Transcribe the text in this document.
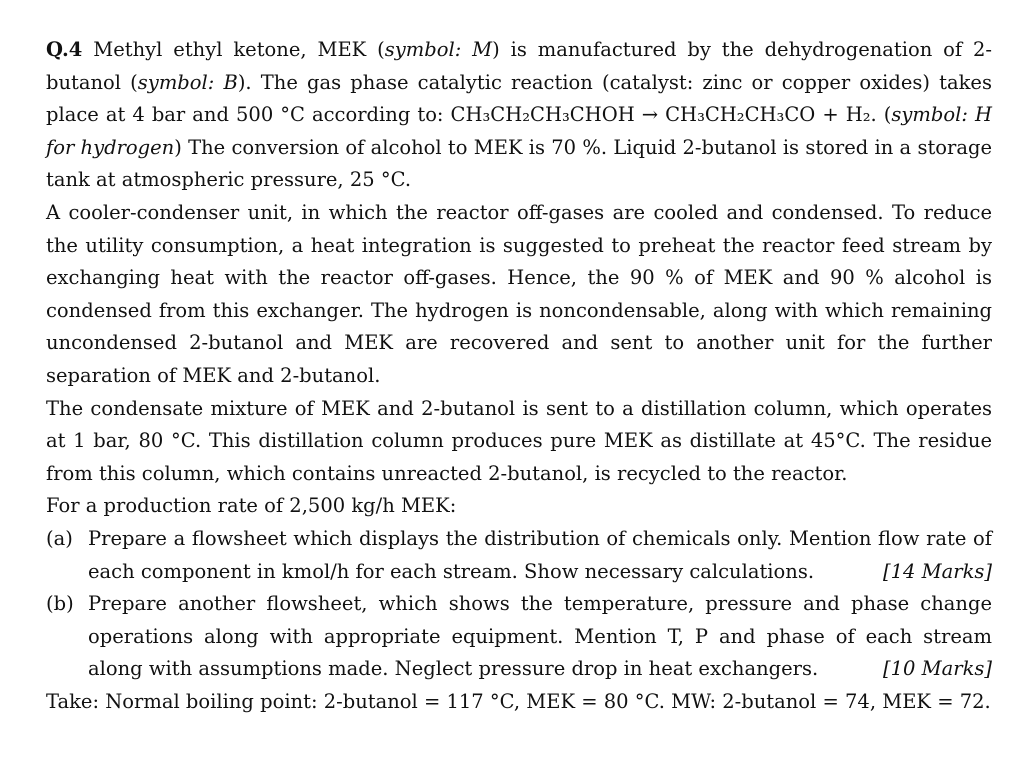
Q.4 Methyl ethyl ketone, MEK (symbol: M) is manufactured by the dehydrogenation of 2-butanol (symbol: B). The gas phase catalytic reaction (catalyst: zinc or copper oxides) takes place at 4 bar and 500 °C according to: CH₃CH₂CH₃CHOH → CH₃CH₂CH₃CO + H₂. (symbol: H for hydrogen) The conversion of alcohol to MEK is 70 %. Liquid 2-butanol is stored in a storage tank at atmospheric pressure, 25 °C.

A cooler-condenser unit, in which the reactor off-gases are cooled and condensed. To reduce the utility consumption, a heat integration is suggested to preheat the reactor feed stream by exchanging heat with the reactor off-gases. Hence, the 90 % of MEK and 90 % alcohol is condensed from this exchanger. The hydrogen is noncondensable, along with which remaining uncondensed 2-butanol and MEK are recovered and sent to another unit for the further separation of MEK and 2-butanol.

The condensate mixture of MEK and 2-butanol is sent to a distillation column, which operates at 1 bar, 80 °C. This distillation column produces pure MEK as distillate at 45°C. The residue from this column, which contains unreacted 2-butanol, is recycled to the reactor.

For a production rate of 2,500 kg/h MEK:

(a) Prepare a flowsheet which displays the distribution of chemicals only. Mention flow rate of each component in kmol/h for each stream. Show necessary calculations.	[14 Marks]
(b) Prepare another flowsheet, which shows the temperature, pressure and phase change operations along with appropriate equipment. Mention T, P and phase of each stream along with assumptions made. Neglect pressure drop in heat exchangers.	[10 Marks]

Take: Normal boiling point: 2-butanol = 117 °C, MEK = 80 °C. MW: 2-butanol = 74, MEK = 72.
